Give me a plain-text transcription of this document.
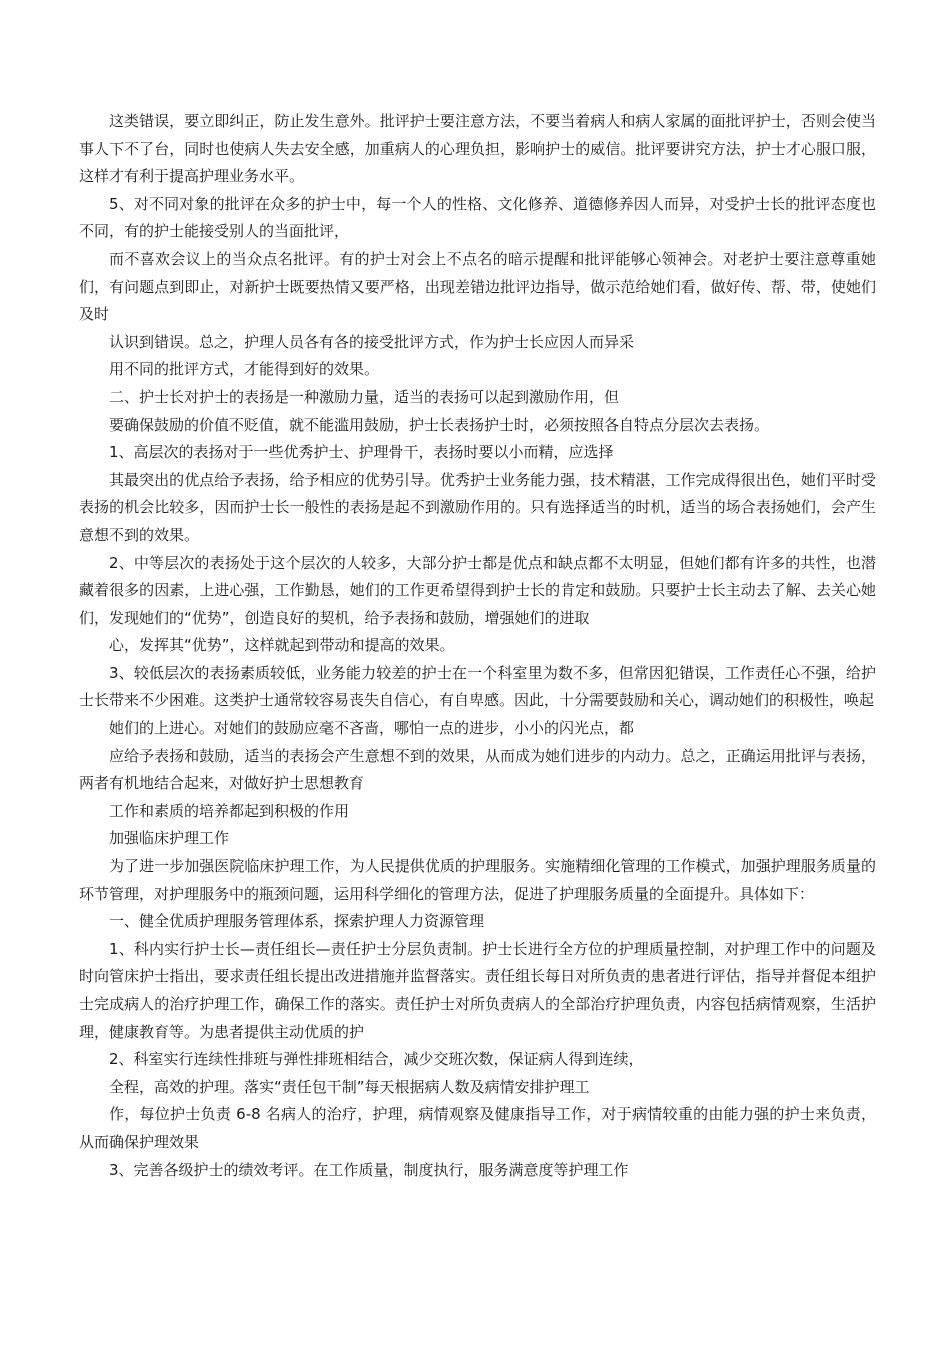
这类错误，要立即纠正，防止发生意外。批评护士要注意方法，不要当着病人和病人家属的面批评护士，否则会使当事人下不了台，同时也使病人失去安全感，加重病人的心理负担，影响护士的威信。批评要讲究方法，护士才心服口服，这样才有利于提高护理业务水平。

5、对不同对象的批评在众多的护士中，每一个人的性格、文化修养、道德修养因人而异，对受护士长的批评态度也不同，有的护士能接受别人的当面批评，

而不喜欢会议上的当众点名批评。有的护士对会上不点名的暗示提醒和批评能够心领神会。对老护士要注意尊重她们，有问题点到即止，对新护士既要热情又要严格，出现差错边批评边指导，做示范给她们看，做好传、帮、带，使她们及时

认识到错误。总之，护理人员各有各的接受批评方式，作为护士长应因人而异采

用不同的批评方式，才能得到好的效果。

二、护士长对护士的表扬是一种激励力量，适当的表扬可以起到激励作用，但

要确保鼓励的价值不贬值，就不能滥用鼓励，护士长表扬护士时，必须按照各自特点分层次去表扬。

1、高层次的表扬对于一些优秀护士、护理骨干，表扬时要以小而精，应选择

其最突出的优点给予表扬，给予相应的优势引导。优秀护士业务能力强，技术精湛，工作完成得很出色，她们平时受表扬的机会比较多，因而护士长一般性的表扬是起不到激励作用的。只有选择适当的时机，适当的场合表扬她们，会产生意想不到的效果。

2、中等层次的表扬处于这个层次的人较多，大部分护士都是优点和缺点都不太明显，但她们都有许多的共性，也潜藏着很多的因素，上进心强，工作勤恳，她们的工作更希望得到护士长的肯定和鼓励。只要护士长主动去了解、去关心她们，发现她们的“优势”，创造良好的契机，给予表扬和鼓励，增强她们的进取

心，发挥其“优势”，这样就起到带动和提高的效果。

3、较低层次的表扬素质较低，业务能力较差的护士在一个科室里为数不多，但常因犯错误，工作责任心不强，给护士长带来不少困难。这类护士通常较容易丧失自信心，有自卑感。因此，十分需要鼓励和关心，调动她们的积极性，唤起

她们的上进心。对她们的鼓励应毫不吝啬，哪怕一点的进步，小小的闪光点，都

应给予表扬和鼓励，适当的表扬会产生意想不到的效果，从而成为她们进步的内动力。总之，正确运用批评与表扬，两者有机地结合起来，对做好护士思想教育

工作和素质的培养都起到积极的作用

加强临床护理工作

为了进一步加强医院临床护理工作，为人民提供优质的护理服务。实施精细化管理的工作模式，加强护理服务质量的环节管理，对护理服务中的瓶颈问题，运用科学细化的管理方法，促进了护理服务质量的全面提升。具体如下：

一、健全优质护理服务管理体系，探索护理人力资源管理

1、科内实行护士长—责任组长—责任护士分层负责制。护士长进行全方位的护理质量控制，对护理工作中的问题及时向管床护士指出，要求责任组长提出改进措施并监督落实。责任组长每日对所负责的患者进行评估，指导并督促本组护士完成病人的治疗护理工作，确保工作的落实。责任护士对所负责病人的全部治疗护理负责，内容包括病情观察，生活护理，健康教育等。为患者提供主动优质的护

2、科室实行连续性排班与弹性排班相结合，减少交班次数，保证病人得到连续，

全程，高效的护理。落实“责任包干制”每天根据病人数及病情安排护理工

作，每位护士负责 6-8 名病人的治疗，护理，病情观察及健康指导工作，对于病情较重的由能力强的护士来负责，从而确保护理效果

3、完善各级护士的绩效考评。在工作质量，制度执行，服务满意度等护理工作
